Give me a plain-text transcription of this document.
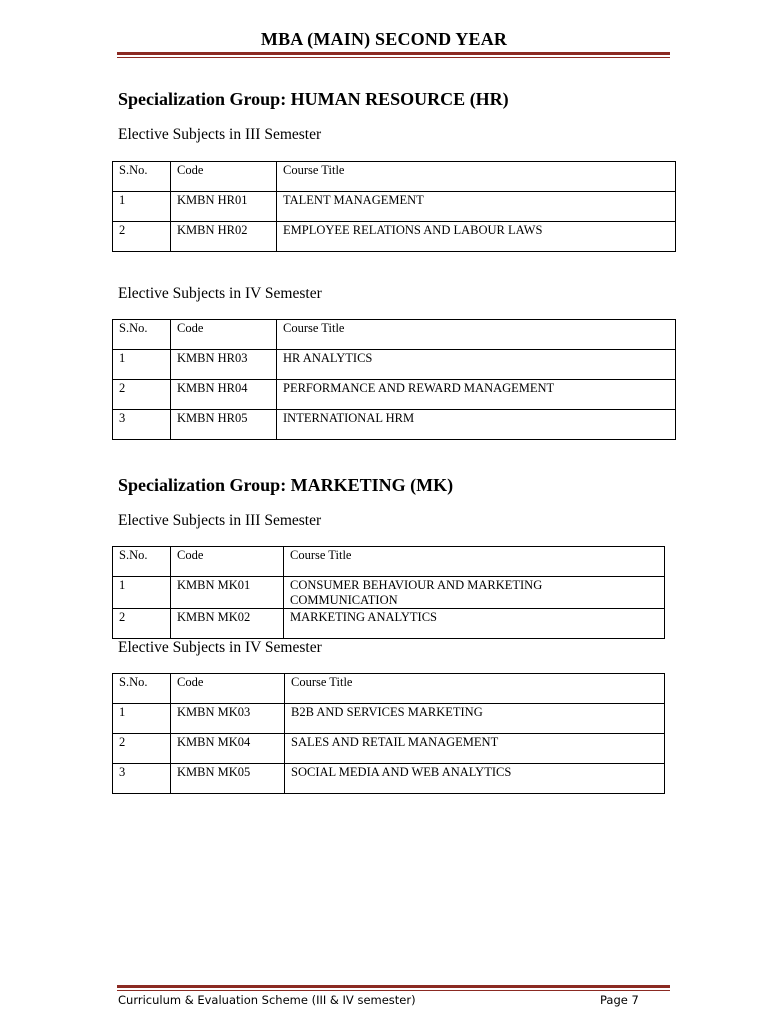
MBA (MAIN) SECOND YEAR
Specialization Group: HUMAN RESOURCE (HR)
Elective Subjects in III Semester
S.No.	Code	Course Title
1	KMBN HR01	TALENT MANAGEMENT
2	KMBN HR02	EMPLOYEE RELATIONS AND LABOUR LAWS
Elective Subjects in IV Semester
S.No.	Code	Course Title
1	KMBN HR03	HR ANALYTICS
2	KMBN HR04	PERFORMANCE AND REWARD MANAGEMENT
3	KMBN HR05	INTERNATIONAL HRM
Specialization Group: MARKETING (MK)
Elective Subjects in III Semester
S.No.	Code	Course Title
1	KMBN MK01	CONSUMER BEHAVIOUR AND MARKETING COMMUNICATION
2	KMBN MK02	MARKETING ANALYTICS
Elective Subjects in IV Semester
S.No.	Code	Course Title
1	KMBN MK03	B2B AND SERVICES MARKETING
2	KMBN MK04	SALES AND RETAIL MANAGEMENT
3	KMBN MK05	SOCIAL MEDIA AND WEB ANALYTICS
Curriculum & Evaluation Scheme (III & IV semester)	Page 7
